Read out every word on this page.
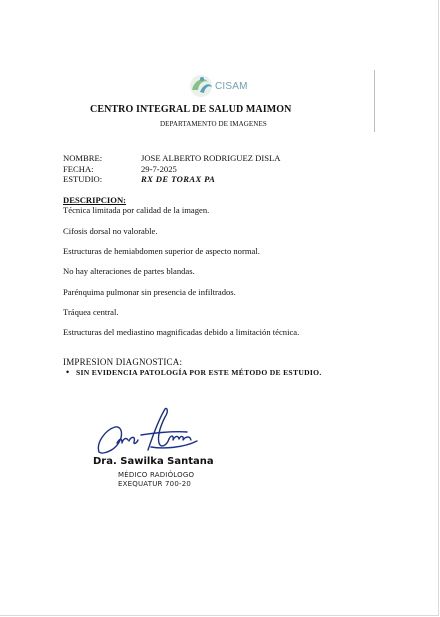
CISAM
CENTRO INTEGRAL DE SALUD MAIMON
DEPARTAMENTO DE IMAGENES
NOMBRE:	JOSE ALBERTO RODRIGUEZ DISLA
FECHA:	29-7-2025
ESTUDIO:	RX DE TORAX PA
DESCRIPCION:
Técnica limitada por calidad de la imagen.
Cifosis dorsal no valorable.
Estructuras de hemiabdomen superior de aspecto normal.
No hay alteraciones de partes blandas.
Parénquima pulmonar sin presencia de infiltrados.
Tráquea central.
Estructuras del mediastino magnificadas debido a limitación técnica.
IMPRESION DIAGNOSTICA:
• SIN EVIDENCIA PATOLOGÍA POR ESTE MÉTODO DE ESTUDIO.
Dra. Sawilka Santana
MÉDICO RADIÓLOGO
EXEQUATUR 700-20
